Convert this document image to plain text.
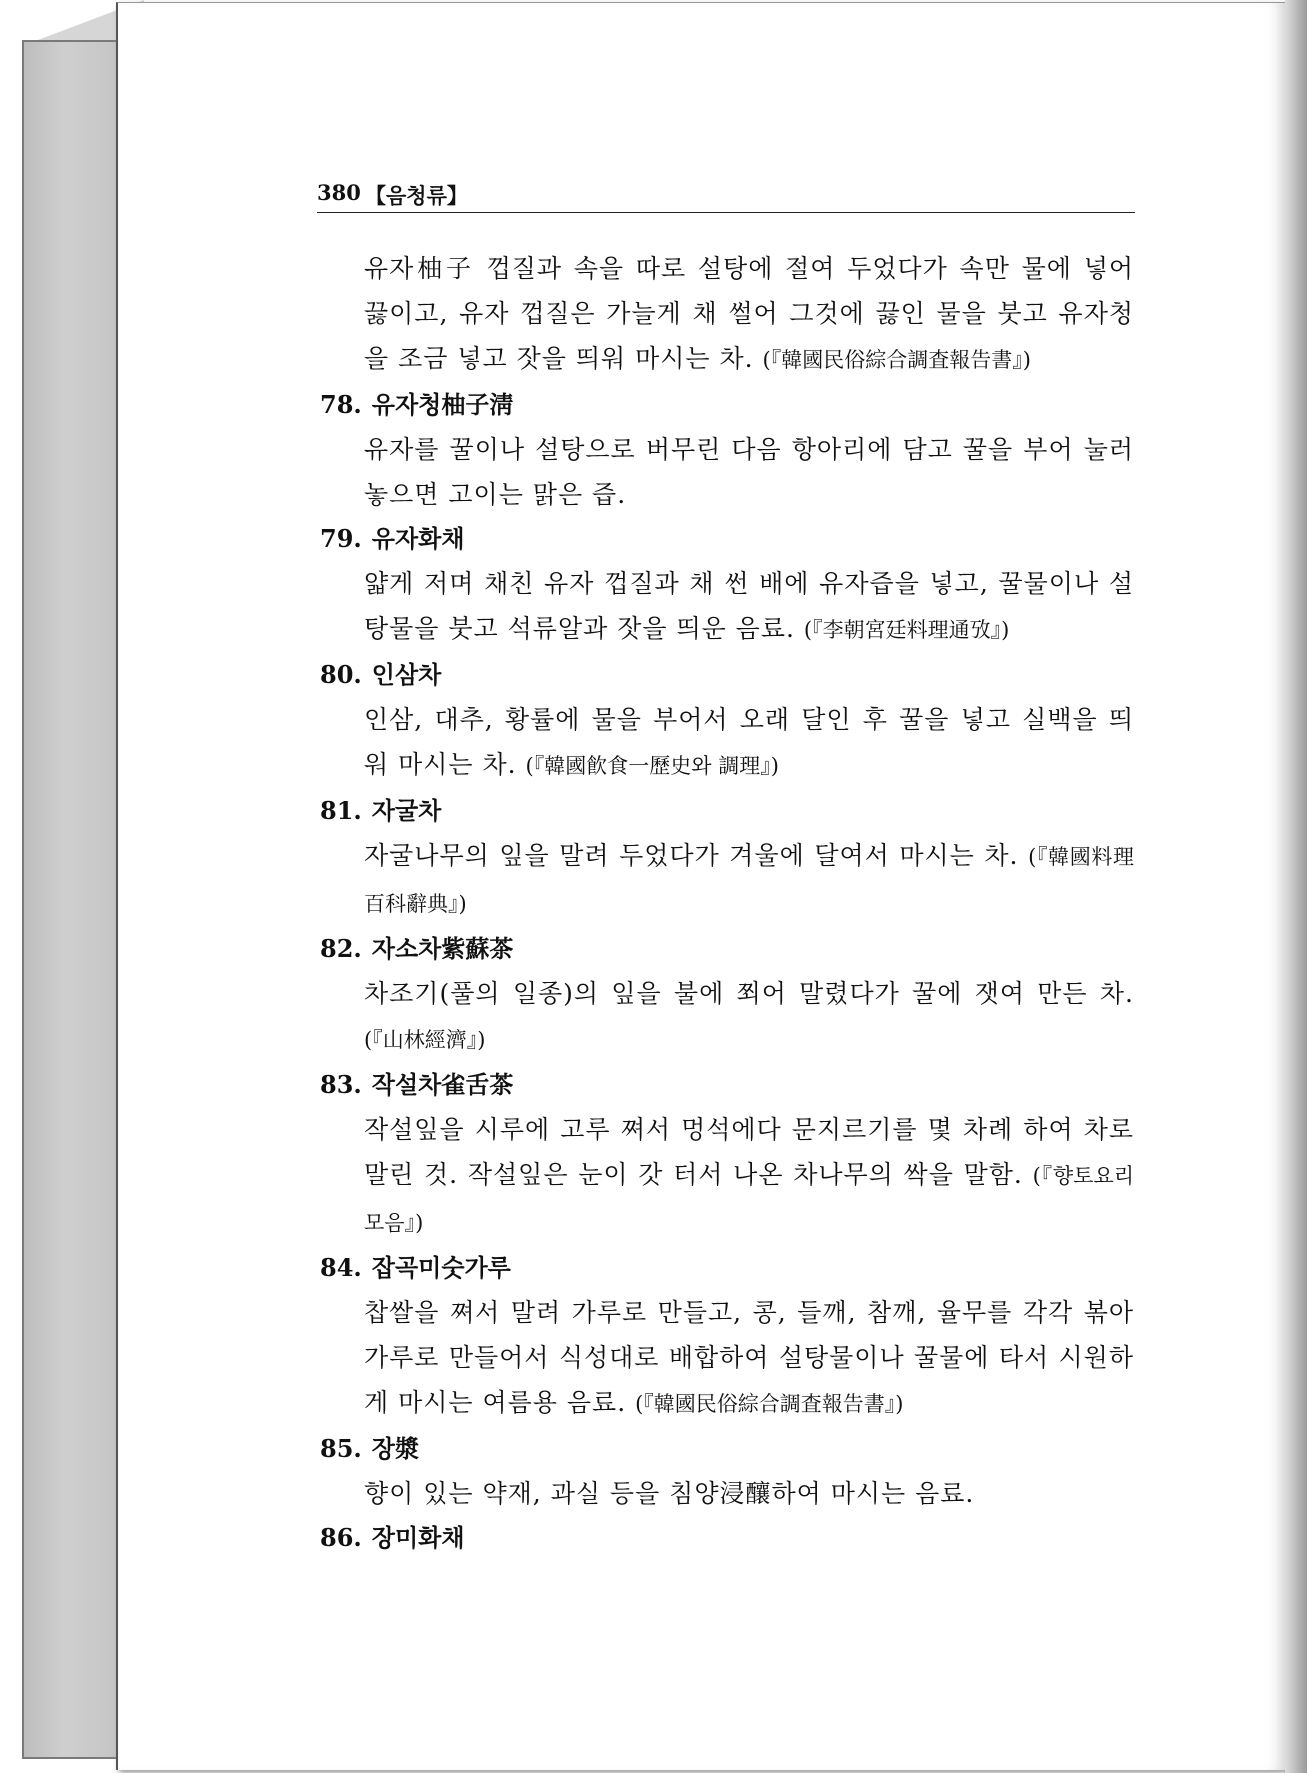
380 【음청류】

유자柚子 껍질과 속을 따로 설탕에 절여 두었다가 속만 물에 넣어 끓이고, 유자 껍질은 가늘게 채 썰어 그것에 끓인 물을 붓고 유자청을 조금 넣고 잣을 띄워 마시는 차. (『韓國民俗綜合調査報告書』)

78. 유자청柚子淸

유자를 꿀이나 설탕으로 버무린 다음 항아리에 담고 꿀을 부어 눌러 놓으면 고이는 맑은 즙.

79. 유자화채

얇게 저며 채친 유자 껍질과 채 썬 배에 유자즙을 넣고, 꿀물이나 설탕물을 붓고 석류알과 잣을 띄운 음료. (『李朝宮廷料理通攷』)

80. 인삼차

인삼, 대추, 황률에 물을 부어서 오래 달인 후 꿀을 넣고 실백을 띄워 마시는 차. (『韓國飮食一歷史와 調理』)

81. 자굴차

자굴나무의 잎을 말려 두었다가 겨울에 달여서 마시는 차. (『韓國料理百科辭典』)

82. 자소차紫蘇茶

차조기(풀의 일종)의 잎을 불에 쬐어 말렸다가 꿀에 잿여 만든 차. (『山林經濟』)

83. 작설차雀舌茶

작설잎을 시루에 고루 쪄서 멍석에다 문지르기를 몇 차례 하여 차로 말린 것. 작설잎은 눈이 갓 터서 나온 차나무의 싹을 말함. (『향토요리모음』)

84. 잡곡미숫가루

찹쌀을 쪄서 말려 가루로 만들고, 콩, 들깨, 참깨, 율무를 각각 볶아 가루로 만들어서 식성대로 배합하여 설탕물이나 꿀물에 타서 시원하게 마시는 여름용 음료. (『韓國民俗綜合調査報告書』)

85. 장漿

향이 있는 약재, 과실 등을 침양浸釀하여 마시는 음료.

86. 장미화채
